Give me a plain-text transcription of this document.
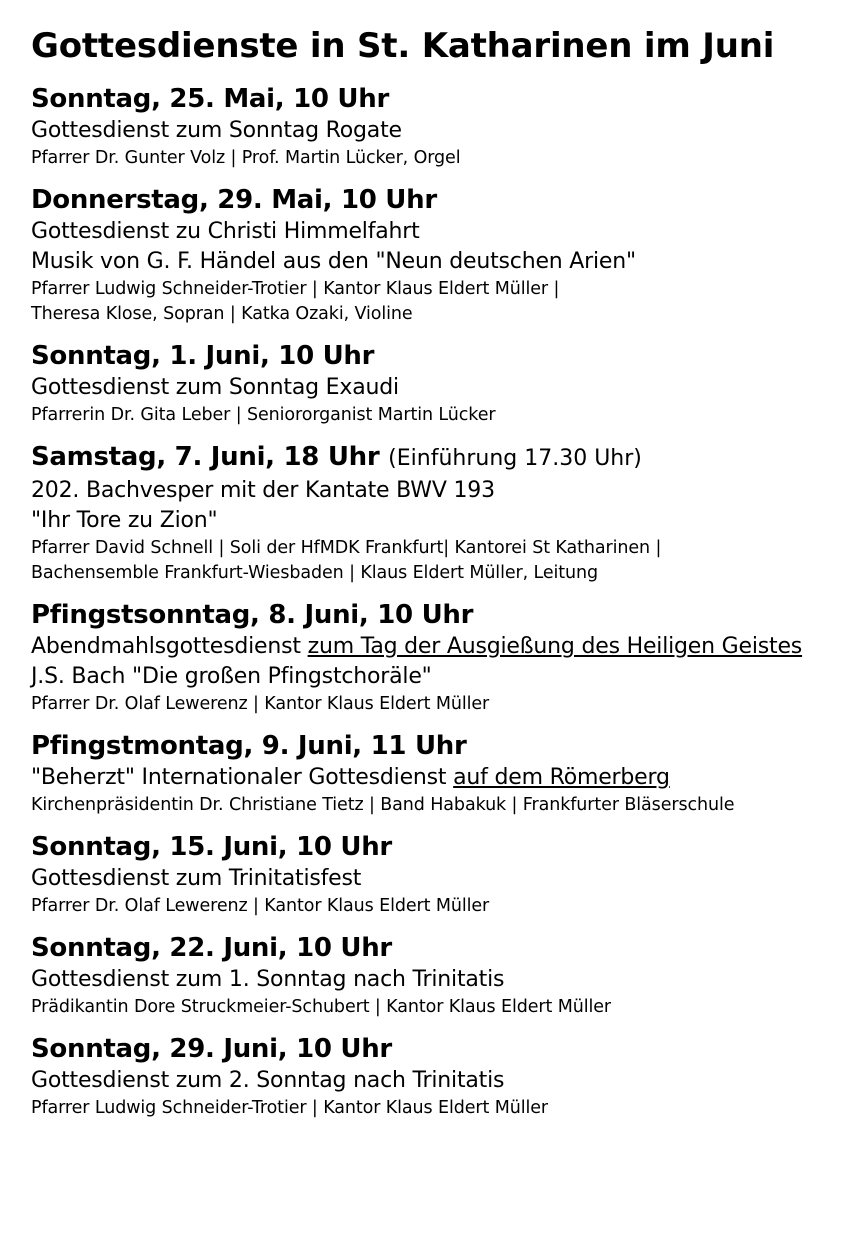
Gottesdienste in St. Katharinen im Juni
Sonntag, 25. Mai, 10 Uhr
Gottesdienst zum Sonntag Rogate
Pfarrer Dr. Gunter Volz | Prof. Martin Lücker, Orgel
Donnerstag, 29. Mai, 10 Uhr
Gottesdienst zu Christi Himmelfahrt
Musik von G. F. Händel aus den "Neun deutschen Arien"
Pfarrer Ludwig Schneider-Trotier | Kantor Klaus Eldert Müller |
Theresa Klose, Sopran | Katka Ozaki, Violine
Sonntag, 1. Juni, 10 Uhr
Gottesdienst zum Sonntag Exaudi
Pfarrerin Dr. Gita Leber | Seniororganist Martin Lücker
Samstag, 7. Juni, 18 Uhr (Einführung 17.30 Uhr)
202. Bachvesper mit der Kantate BWV 193
"Ihr Tore zu Zion"
Pfarrer David Schnell | Soli der HfMDK Frankfurt| Kantorei St Katharinen |
Bachensemble Frankfurt-Wiesbaden | Klaus Eldert Müller, Leitung
Pfingstsonntag, 8. Juni, 10 Uhr
Abendmahlsgottesdienst zum Tag der Ausgießung des Heiligen Geistes
J.S. Bach "Die großen Pfingstchoräle"
Pfarrer Dr. Olaf Lewerenz | Kantor Klaus Eldert Müller
Pfingstmontag, 9. Juni, 11 Uhr
"Beherzt" Internationaler Gottesdienst auf dem Römerberg
Kirchenpräsidentin Dr. Christiane Tietz | Band Habakuk | Frankfurter Bläserschule
Sonntag, 15. Juni, 10 Uhr
Gottesdienst zum Trinitatisfest
Pfarrer Dr. Olaf Lewerenz | Kantor Klaus Eldert Müller
Sonntag, 22. Juni, 10 Uhr
Gottesdienst zum 1. Sonntag nach Trinitatis
Prädikantin Dore Struckmeier-Schubert | Kantor Klaus Eldert Müller
Sonntag, 29. Juni, 10 Uhr
Gottesdienst zum 2. Sonntag nach Trinitatis
Pfarrer Ludwig Schneider-Trotier | Kantor Klaus Eldert Müller
